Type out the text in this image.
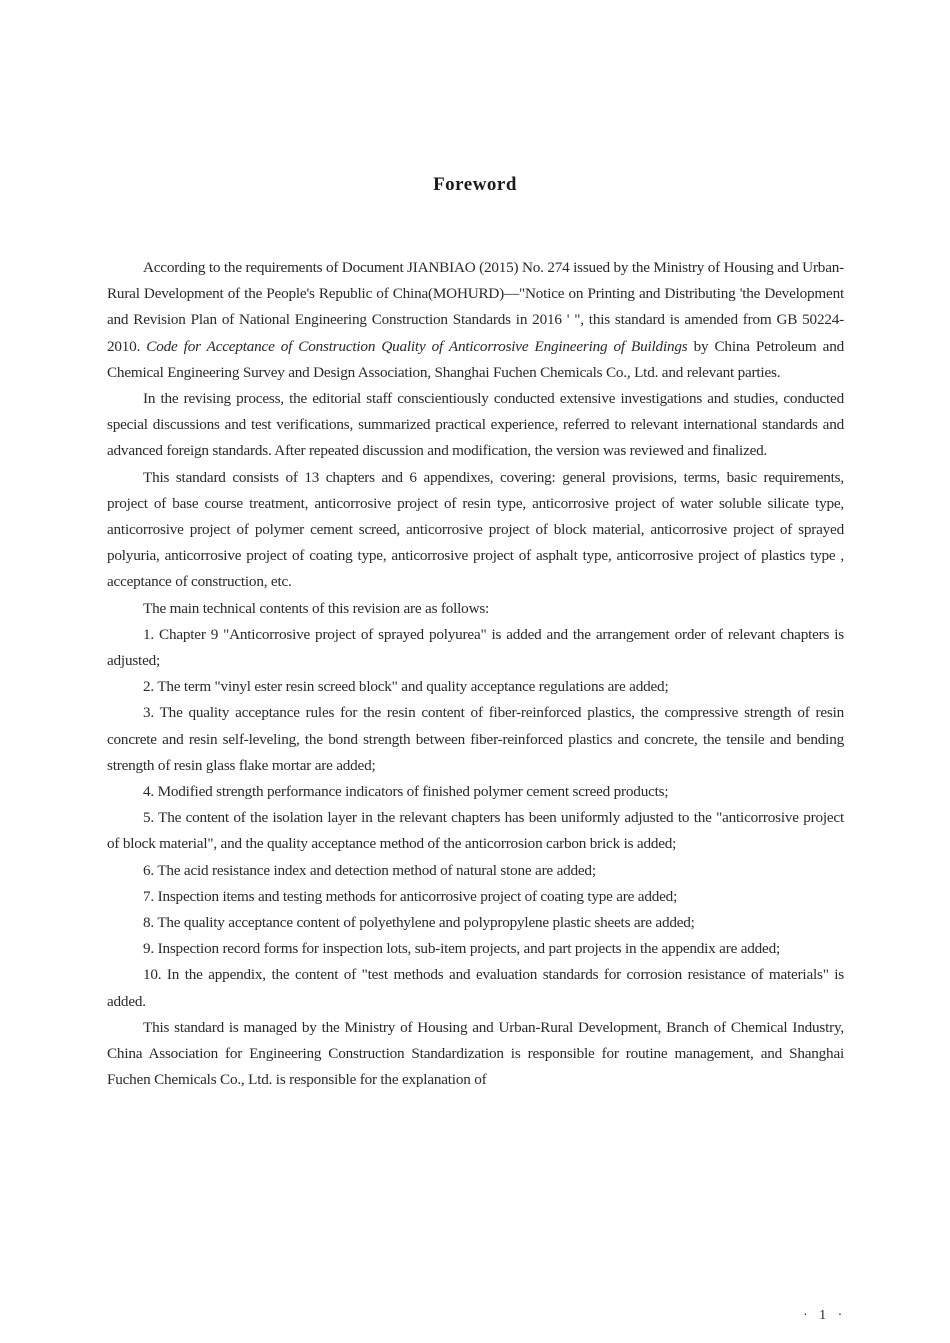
Foreword

According to the requirements of Document JIANBIAO (2015) No. 274 issued by the Ministry of Housing and Urban-Rural Development of the People's Republic of China(MOHURD)—"Notice on Printing and Distributing 'the Development and Revision Plan of National Engineering Construction Standards in 2016 ' ", this standard is amended from GB 50224-2010. Code for Acceptance of Construction Quality of Anticorrosive Engineering of Buildings by China Petroleum and Chemical Engineering Survey and Design Association, Shanghai Fuchen Chemicals Co., Ltd. and relevant parties.

In the revising process, the editorial staff conscientiously conducted extensive investigations and studies, conducted special discussions and test verifications, summarized practical experience, referred to relevant international standards and advanced foreign standards. After repeated discussion and modification, the version was reviewed and finalized.

This standard consists of 13 chapters and 6 appendixes, covering: general provisions, terms, basic requirements, project of base course treatment, anticorrosive project of resin type, anticorrosive project of water soluble silicate type, anticorrosive project of polymer cement screed, anticorrosive project of block material, anticorrosive project of sprayed polyuria, anticorrosive project of coating type, anticorrosive project of asphalt type, anticorrosive project of plastics type , acceptance of construction, etc.

The main technical contents of this revision are as follows:

1. Chapter 9 "Anticorrosive project of sprayed polyurea" is added and the arrangement order of relevant chapters is adjusted;

2. The term "vinyl ester resin screed block" and quality acceptance regulations are added;

3. The quality acceptance rules for the resin content of fiber-reinforced plastics, the compressive strength of resin concrete and resin self-leveling, the bond strength between fiber-reinforced plastics and concrete, the tensile and bending strength of resin glass flake mortar are added;

4. Modified strength performance indicators of finished polymer cement screed products;

5. The content of the isolation layer in the relevant chapters has been uniformly adjusted to the "anticorrosive project of block material", and the quality acceptance method of the anticorrosion carbon brick is added;

6. The acid resistance index and detection method of natural stone are added;

7. Inspection items and testing methods for anticorrosive project of coating type are added;

8. The quality acceptance content of polyethylene and polypropylene plastic sheets are added;

9. Inspection record forms for inspection lots, sub-item projects, and part projects in the appendix are added;

10. In the appendix, the content of "test methods and evaluation standards for corrosion resistance of materials" is added.

This standard is managed by the Ministry of Housing and Urban-Rural Development, Branch of Chemical Industry, China Association for Engineering Construction Standardization is responsible for routine management, and Shanghai Fuchen Chemicals Co., Ltd. is responsible for the explanation of

· 1 ·
